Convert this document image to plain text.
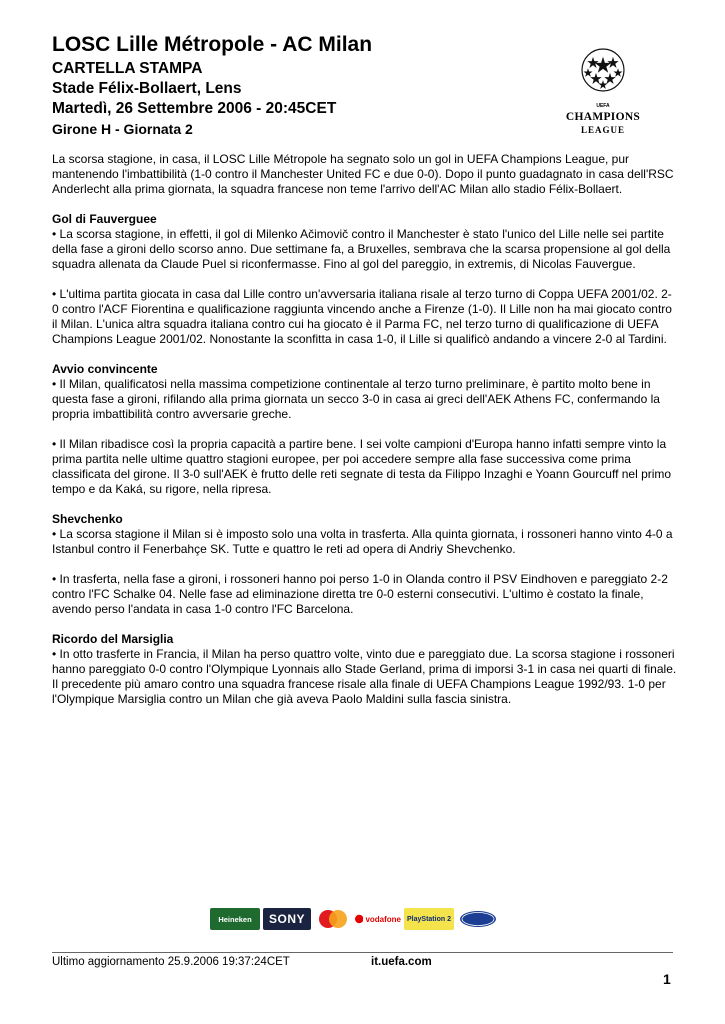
LOSC Lille Métropole - AC Milan
CARTELLA STAMPA
Stade Félix-Bollaert, Lens
Martedì, 26 Settembre 2006 - 20:45CET
Girone H - Giornata 2
UEFA
CHAMPIONS
LEAGUE

La scorsa stagione, in casa, il LOSC Lille Métropole ha segnato solo un gol in UEFA Champions League, pur mantenendo l'imbattibilità (1-0 contro il Manchester United FC e due 0-0). Dopo il punto guadagnato in casa dell'RSC Anderlecht alla prima giornata, la squadra francese non teme l'arrivo dell'AC Milan allo stadio Félix-Bollaert.

Gol di Fauverguee

• La scorsa stagione, in effetti, il gol di Milenko Ačimovič contro il Manchester è stato l'unico del Lille nelle sei partite della fase a gironi dello scorso anno. Due settimane fa, a Bruxelles, sembrava che la scarsa propensione al gol della squadra allenata da Claude Puel si riconfermasse. Fino al gol del pareggio, in extremis, di Nicolas Fauvergue.

• L'ultima partita giocata in casa dal Lille contro un'avversaria italiana risale al terzo turno di Coppa UEFA 2001/02. 2-0 contro l'ACF Fiorentina e qualificazione raggiunta vincendo anche a Firenze (1-0). Il Lille non ha mai giocato contro il Milan. L'unica altra squadra italiana contro cui ha giocato è il Parma FC, nel terzo turno di qualificazione di UEFA Champions League 2001/02. Nonostante la sconfitta in casa 1-0, il Lille si qualificò andando a vincere 2-0 al Tardini.

Avvio convincente

• Il Milan, qualificatosi nella massima competizione continentale al terzo turno preliminare, è partito molto bene in questa fase a gironi, rifilando alla prima giornata un secco 3-0 in casa ai greci dell'AEK Athens FC, confermando la propria imbattibilità contro avversarie greche.

• Il Milan ribadisce così la propria capacità a partire bene. I sei volte campioni d'Europa hanno infatti sempre vinto la prima partita nelle ultime quattro stagioni europee, per poi accedere sempre alla fase successiva come prima classificata del girone. Il 3-0 sull'AEK è frutto delle reti segnate di testa da Filippo Inzaghi e Yoann Gourcuff nel primo tempo e da Kaká, su rigore, nella ripresa.

Shevchenko

• La scorsa stagione il Milan si è imposto solo una volta in trasferta. Alla quinta giornata, i rossoneri hanno vinto 4-0 a Istanbul contro il Fenerbahçe SK. Tutte e quattro le reti ad opera di Andriy Shevchenko.

• In trasferta, nella fase a gironi, i rossoneri hanno poi perso 1-0 in Olanda contro il PSV Eindhoven e pareggiato 2-2 contro l'FC Schalke 04. Nelle fase ad eliminazione diretta tre 0-0 esterni consecutivi. L'ultimo è costato la finale, avendo perso l'andata in casa 1-0 contro l'FC Barcelona.

Ricordo del Marsiglia

• In otto trasferte in Francia, il Milan ha perso quattro volte, vinto due e pareggiato due. La scorsa stagione i rossoneri hanno pareggiato 0-0 contro l'Olympique Lyonnais allo Stade Gerland, prima di imporsi 3-1 in casa nei quarti di finale. Il precedente più amaro contro una squadra francese risale alla finale di UEFA Champions League 1992/93. 1-0 per l'Olympique Marsiglia contro un Milan che già aveva Paolo Maldini sulla fascia sinistra.

Heineken	SONY	vodafone PlayStation 2
Ultimo aggiornamento 25.9.2006 19:37:24CET	it.uefa.com
1
